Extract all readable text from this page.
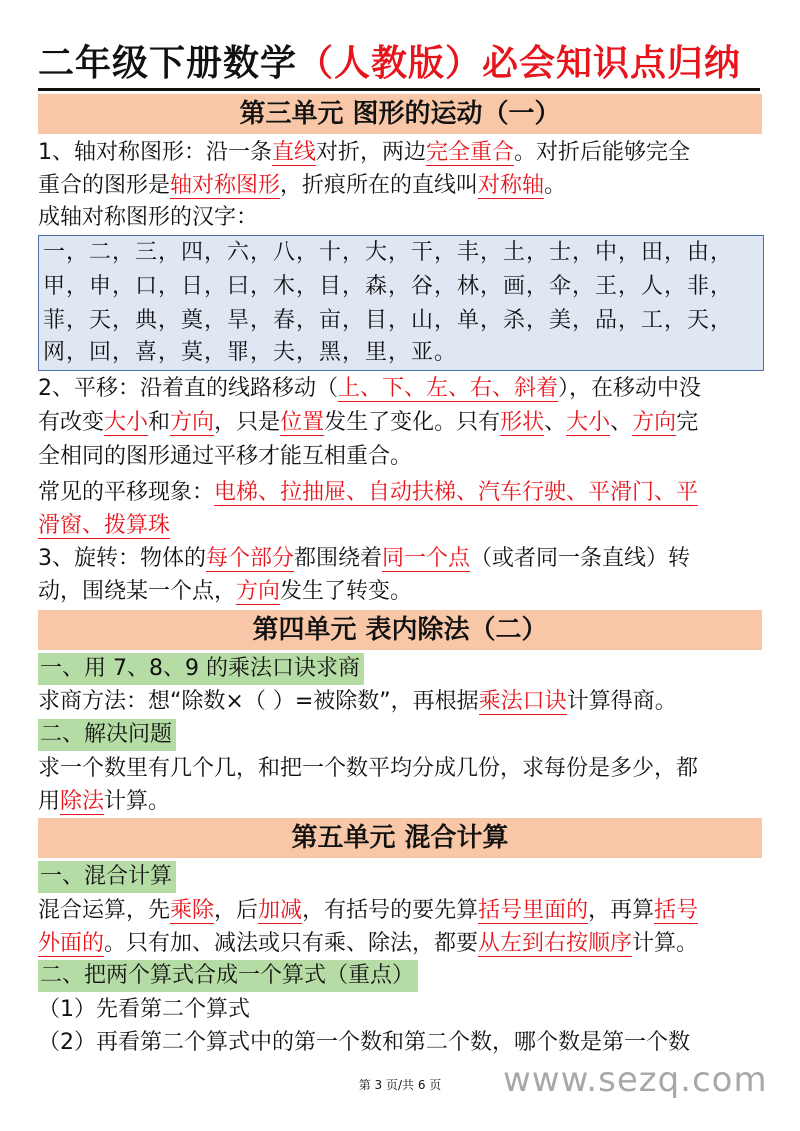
二年级下册数学（人教版）必会知识点归纳
第三单元 图形的运动（一）
1、轴对称图形：沿一条直线对折，两边完全重合。对折后能够完全
重合的图形是轴对称图形，折痕所在的直线叫对称轴。
成轴对称图形的汉字：
一，二，三，四，六，八，十，大，干，丰，土，士，中，田，由，
甲，申，口，日，曰，木，目，森，谷，林，画，伞，王，人，非，
菲，天，典，奠，旱，春，亩，目，山，单，杀，美，品，工，天，
网，回，喜，莫，罪，夫，黑，里，亚。
2、平移：沿着直的线路移动（上、下、左、右、斜着），在移动中没
有改变大小和方向，只是位置发生了变化。只有形状、大小、方向完
全相同的图形通过平移才能互相重合。
常见的平移现象：电梯、拉抽屉、自动扶梯、汽车行驶、平滑门、平
滑窗、拨算珠
3、旋转：物体的每个部分都围绕着同一个点（或者同一条直线）转
动，围绕某一个点，方向发生了转变。
第四单元 表内除法（二）
一、用 7、8、9 的乘法口诀求商
求商方法：想“除数×（ ）=被除数”，再根据乘法口诀计算得商。
二、解决问题
求一个数里有几个几，和把一个数平均分成几份，求每份是多少，都
用除法计算。
第五单元 混合计算
一、混合计算
混合运算，先乘除，后加减，有括号的要先算括号里面的，再算括号
外面的。只有加、减法或只有乘、除法，都要从左到右按顺序计算。
二、把两个算式合成一个算式（重点）
（1）先看第二个算式
（2）再看第二个算式中的第一个数和第二个数，哪个数是第一个数
www.sezq.com
第 3 页/共 6 页
